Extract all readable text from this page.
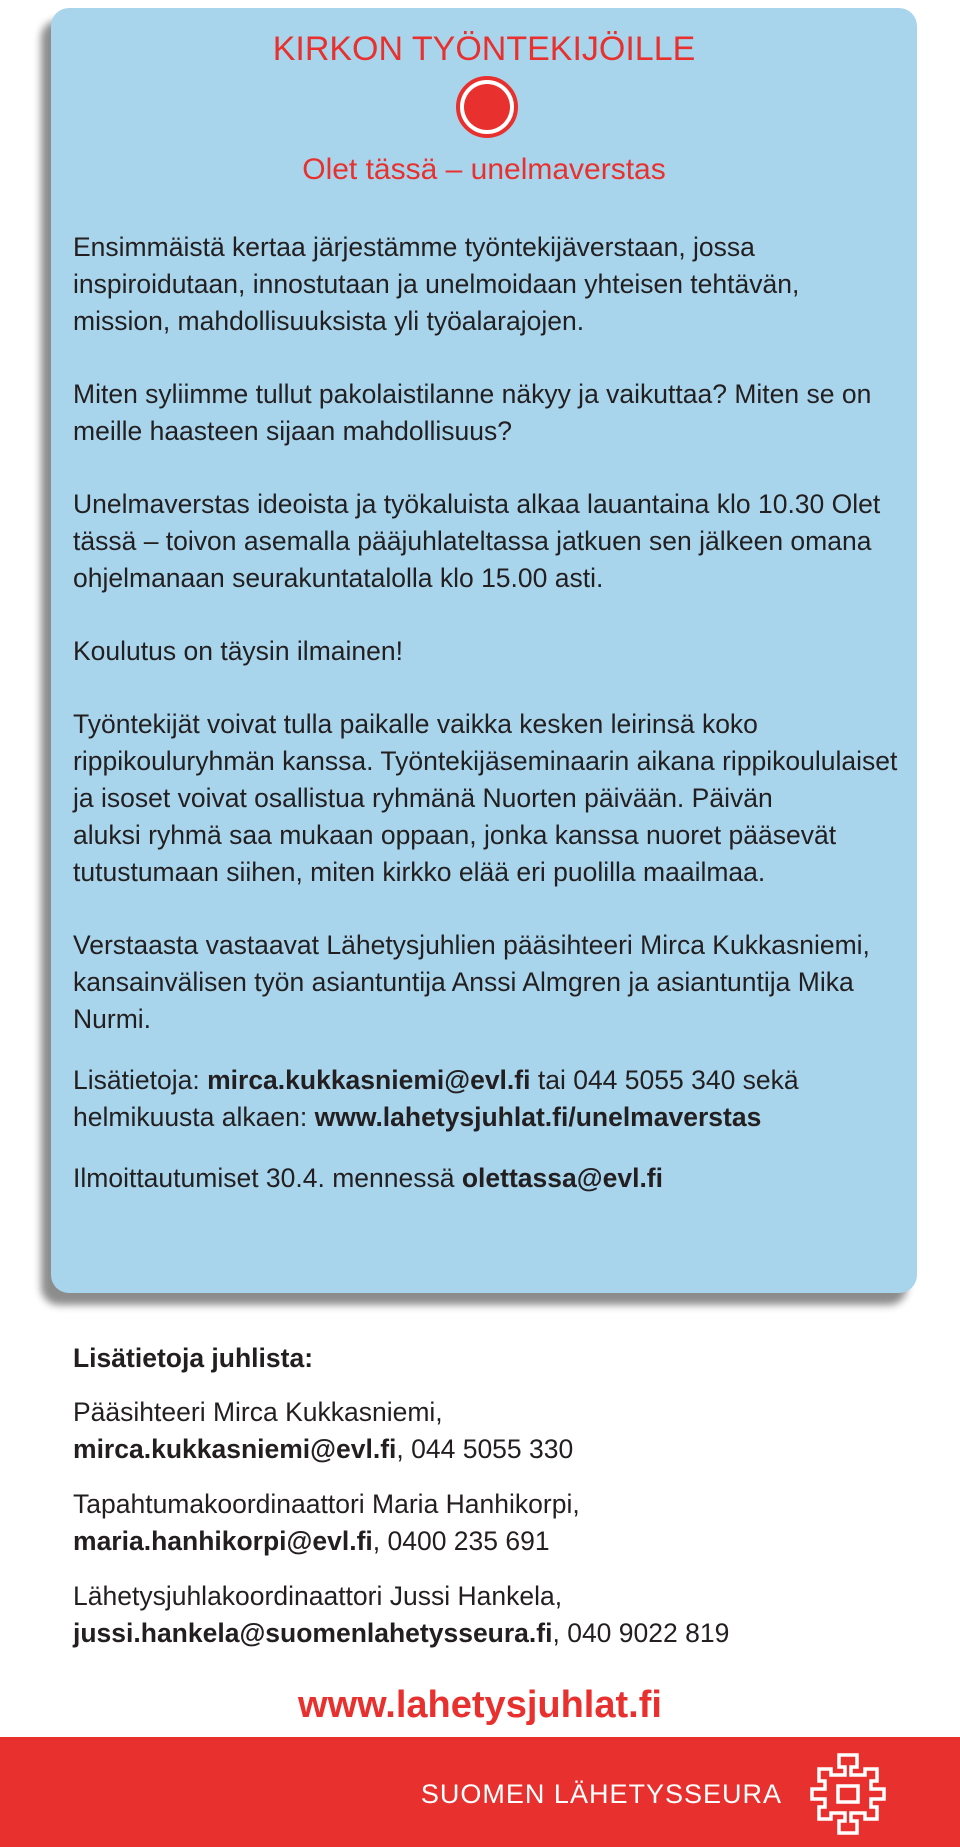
KIRKON TYÖNTEKIJÖILLE
Olet tässä – unelmaverstas

Ensimmäistä kertaa järjestämme työntekijäverstaan, jossa inspiroidutaan, innostutaan ja unelmoidaan yhteisen tehtävän, mission, mahdollisuuksista yli työalarajojen.

Miten syliimme tullut pakolaistilanne näkyy ja vaikuttaa? Miten se on meille haasteen sijaan mahdollisuus?

Unelmaverstas ideoista ja työkaluista alkaa lauantaina klo 10.30 Olet tässä – toivon asemalla pääjuhlateltassa jatkuen sen jälkeen omana ohjelmanaan seurakuntatalolla klo 15.00 asti.

Koulutus on täysin ilmainen!

Työntekijät voivat tulla paikalle vaikka kesken leirinsä koko rippikouluryhmän kanssa. Työntekijäseminaarin aikana rippikoululaiset ja isoset voivat osallistua ryhmänä Nuorten päivään. Päivän

aluksi ryhmä saa mukaan oppaan, jonka kanssa nuoret pääsevät tutustumaan siihen, miten kirkko elää eri puolilla maailmaa.

Verstaasta vastaavat Lähetysjuhlien pääsihteeri Mirca Kukkasniemi, kansainvälisen työn asiantuntija Anssi Almgren ja asiantuntija Mika Nurmi.

Lisätietoja: mirca.kukkasniemi@evl.fi tai 044 5055 340 sekä helmikuusta alkaen: www.lahetysjuhlat.fi/unelmaverstas

Ilmoittautumiset 30.4. mennessä olettassa@evl.fi

Lisätietoja juhlista:

Pääsihteeri Mirca Kukkasniemi,
mirca.kukkasniemi@evl.fi, 044 5055 330

Tapahtumakoordinaattori Maria Hanhikorpi,
maria.hanhikorpi@evl.fi, 0400 235 691

Lähetysjuhlakoordinaattori Jussi Hankela,
jussi.hankela@suomenlahetysseura.fi, 040 9022 819

www.lahetysjuhlat.fi
SUOMEN LÄHETYSSEURA
